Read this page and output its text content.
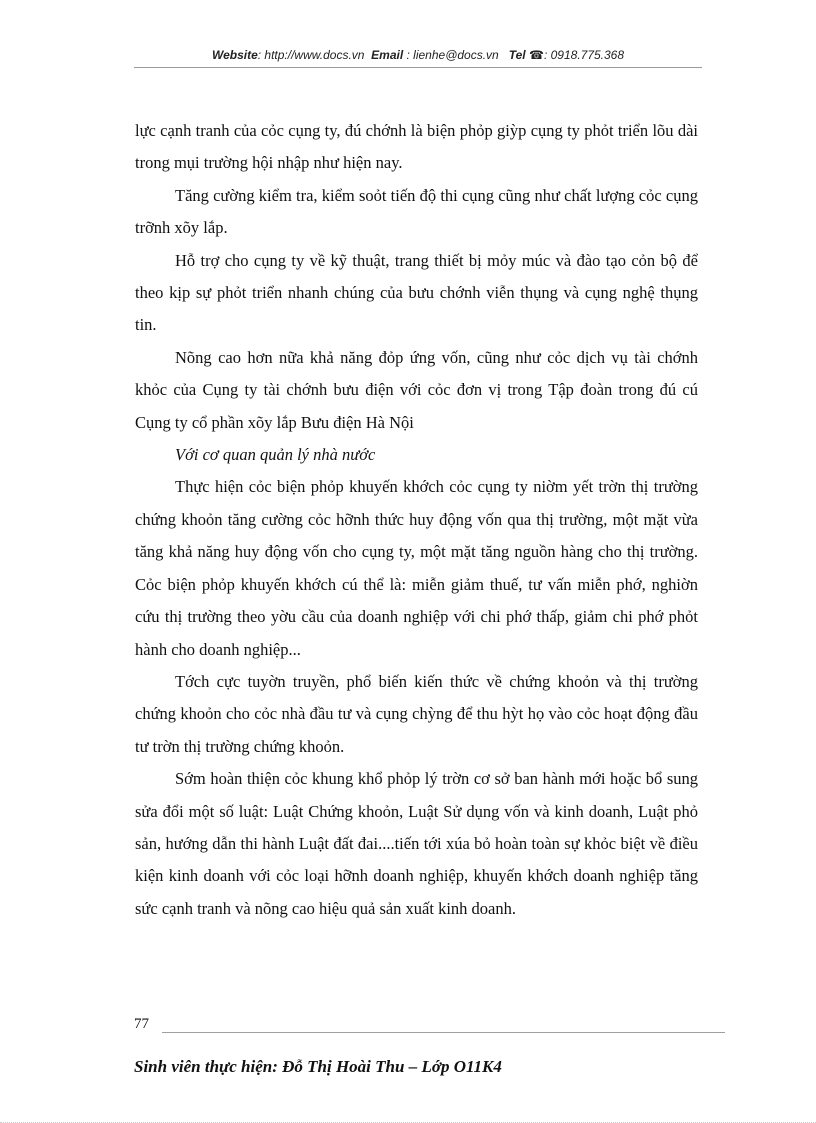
Website: http://www.docs.vn Email : lienhe@docs.vn Tel ☎: 0918.775.368

lực cạnh tranh của cỏc cụng ty, đú chớnh là biện phỏp giỳp cụng ty phỏt triển lõu dài trong mụi trường hội nhập như hiện nay.

Tăng cường kiểm tra, kiểm soỏt tiến độ thi cụng cũng như chất lượng cỏc cụng trỡnh xõy lắp.

Hỗ trợ cho cụng ty về kỹ thuật, trang thiết bị mỏy múc và đào tạo cỏn bộ để theo kịp sự phỏt triển nhanh chúng của bưu chớnh viễn thụng và cụng nghệ thụng tin.

Nõng cao hơn nữa khả năng đỏp ứng vốn, cũng như cỏc dịch vụ tài chớnh khỏc của Cụng ty tài chớnh bưu điện với cỏc đơn vị trong Tập đoàn trong đú cú Cụng ty cổ phần xõy lắp Bưu điện Hà Nội

Với cơ quan quản lý nhà nước

Thực hiện cỏc biện phỏp khuyến khớch cỏc cụng ty niờm yết trờn thị trường chứng khoỏn tăng cường cỏc hỡnh thức huy động vốn qua thị trường, một mặt vừa tăng khả năng huy động vốn cho cụng ty, một mặt tăng nguồn hàng cho thị trường. Cỏc biện phỏp khuyến khớch cú thể là: miễn giảm thuế, tư vấn miễn phớ, nghiờn cứu thị trường theo yờu cầu của doanh nghiệp với chi phớ thấp, giảm chi phớ phỏt hành cho doanh nghiệp...

Tớch cực tuyờn truyền, phổ biến kiến thức về chứng khoỏn và thị trường chứng khoỏn cho cỏc nhà đầu tư và cụng chỳng để thu hỳt họ vào cỏc hoạt động đầu tư trờn thị trường chứng khoỏn.

Sớm hoàn thiện cỏc khung khổ phỏp lý trờn cơ sở ban hành mới hoặc bổ sung sửa đổi một số luật: Luật Chứng khoỏn, Luật Sử dụng vốn và kinh doanh, Luật phỏ sản, hướng dẫn thi hành Luật đất đai....tiến tới xúa bỏ hoàn toàn sự khỏc biệt về điều kiện kinh doanh với cỏc loại hỡnh doanh nghiệp, khuyến khớch doanh nghiệp tăng sức cạnh tranh và nõng cao hiệu quả sản xuất kinh doanh.

77
Sinh viên thực hiện: Đỗ Thị Hoài Thu – Lớp O11K4
